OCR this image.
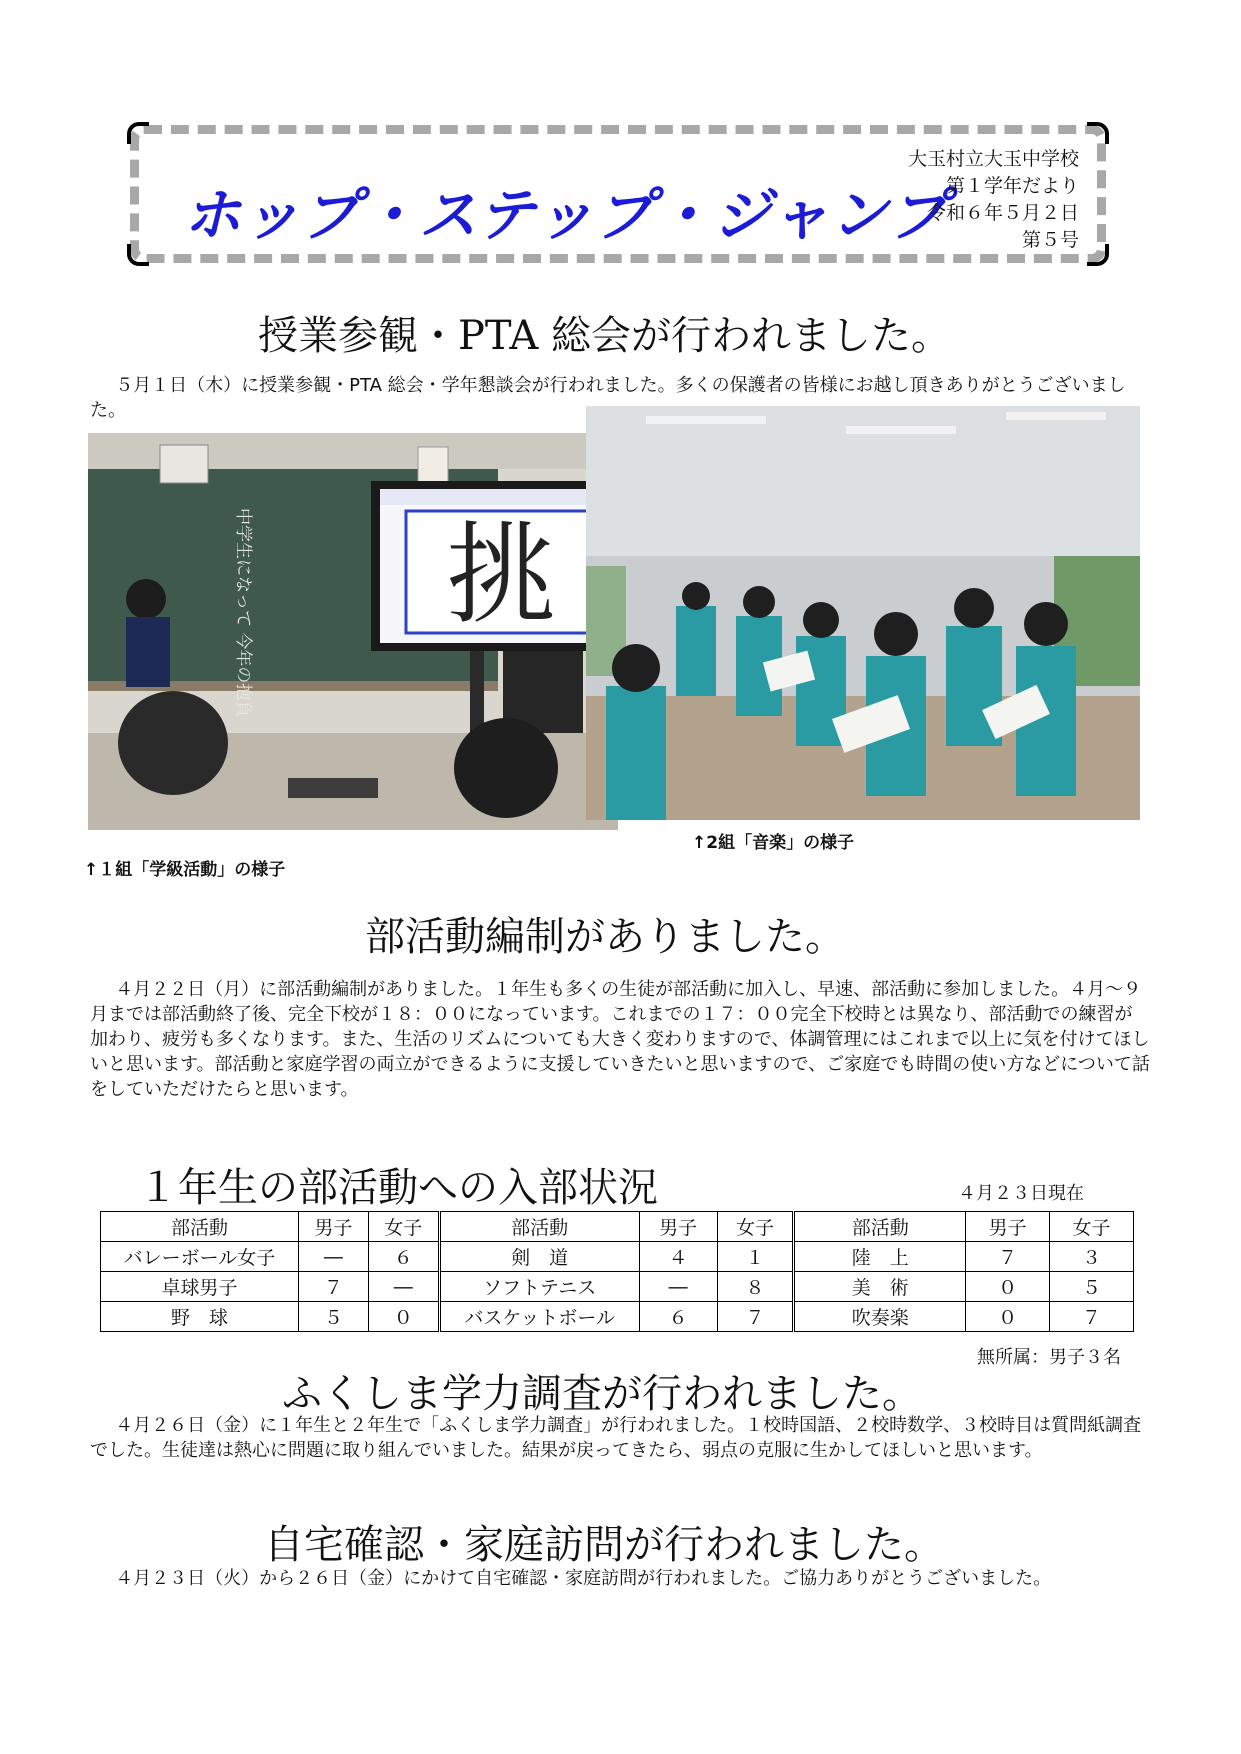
ホップ・ステップ・ジャンプ
大玉村立大玉中学校
第１学年だより
令和６年５月２日
第５号
授業参観・PTA 総会が行われました。

５月１日（木）に授業参観・PTA 総会・学年懇談会が行われました。多くの保護者の皆様にお越し頂きありがとうございました。

中学生になって 今年の抱負 挑
↑１組「学級活動」の様子
↑2組「音楽」の様子
部活動編制がありました。

４月２２日（月）に部活動編制がありました。１年生も多くの生徒が部活動に加入し、早速、部活動に参加しました。４月～９月までは部活動終了後、完全下校が１８：００になっています。これまでの１７：００完全下校時とは異なり、部活動での練習が加わり、疲労も多くなります。また、生活のリズムについても大きく変わりますので、体調管理にはこれまで以上に気を付けてほしいと思います。部活動と家庭学習の両立ができるように支援していきたいと思いますので、ご家庭でも時間の使い方などについて話をしていただけたらと思います。

１年生の部活動への入部状況	４月２３日現在
部活動	男子	女子	部活動	男子	女子	部活動	男子	女子
バレーボール女子	―	６	剣　道	４	１	陸　上	７	３
卓球男子	７	―	ソフトテニス	―	８	美　術	０	５
野　球	５	０	バスケットボール	６	７	吹奏楽	０	７
無所属：男子３名
ふくしま学力調査が行われました。

４月２６日（金）に１年生と２年生で「ふくしま学力調査」が行われました。１校時国語、２校時数学、３校時目は質問紙調査でした。生徒達は熱心に問題に取り組んでいました。結果が戻ってきたら、弱点の克服に生かしてほしいと思います。

自宅確認・家庭訪問が行われました。

４月２３日（火）から２６日（金）にかけて自宅確認・家庭訪問が行われました。ご協力ありがとうございました。
